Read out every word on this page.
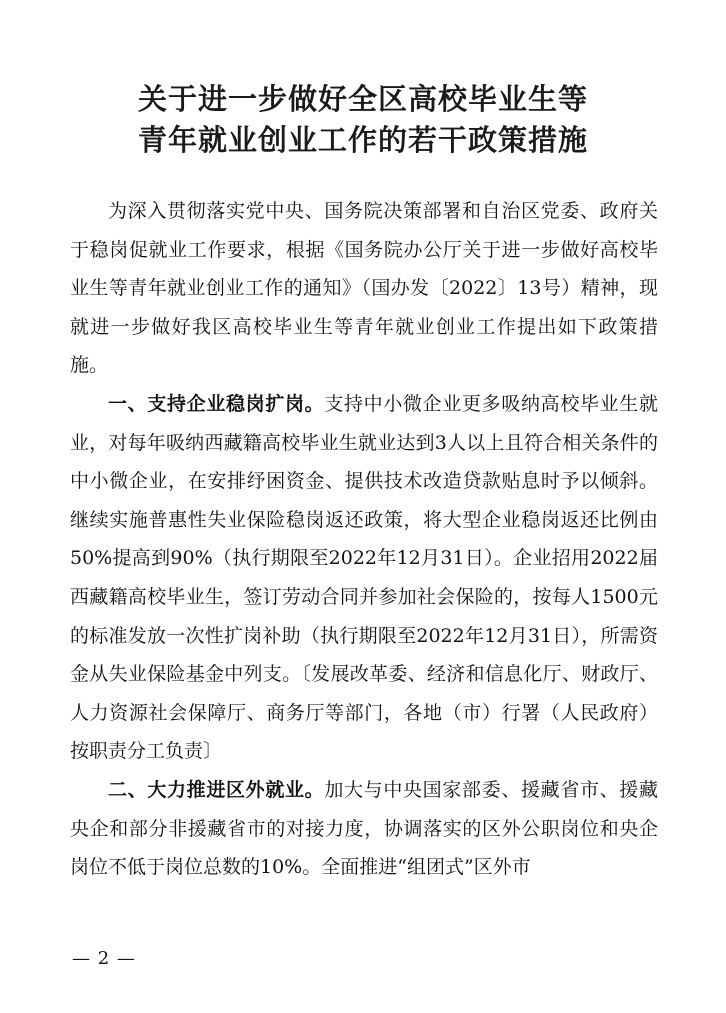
关于进一步做好全区高校毕业生等
青年就业创业工作的若干政策措施

为深入贯彻落实党中央、国务院决策部署和自治区党委、政府关于稳岗促就业工作要求，根据《国务院办公厅关于进一步做好高校毕业生等青年就业创业工作的通知》（国办发〔2022〕13号）精神，现就进一步做好我区高校毕业生等青年就业创业工作提出如下政策措施。

一、支持企业稳岗扩岗。支持中小微企业更多吸纳高校毕业生就业，对每年吸纳西藏籍高校毕业生就业达到3人以上且符合相关条件的中小微企业，在安排纾困资金、提供技术改造贷款贴息时予以倾斜。继续实施普惠性失业保险稳岗返还政策，将大型企业稳岗返还比例由50%提高到90%（执行期限至2022年12月31日）。企业招用2022届西藏籍高校毕业生，签订劳动合同并参加社会保险的，按每人1500元的标准发放一次性扩岗补助（执行期限至2022年12月31日），所需资金从失业保险基金中列支。〔发展改革委、经济和信息化厅、财政厅、人力资源社会保障厅、商务厅等部门，各地（市）行署（人民政府）按职责分工负责〕

二、大力推进区外就业。加大与中央国家部委、援藏省市、援藏央企和部分非援藏省市的对接力度，协调落实的区外公职岗位和央企岗位不低于岗位总数的10%。全面推进“组团式”区外市

— 2 —
